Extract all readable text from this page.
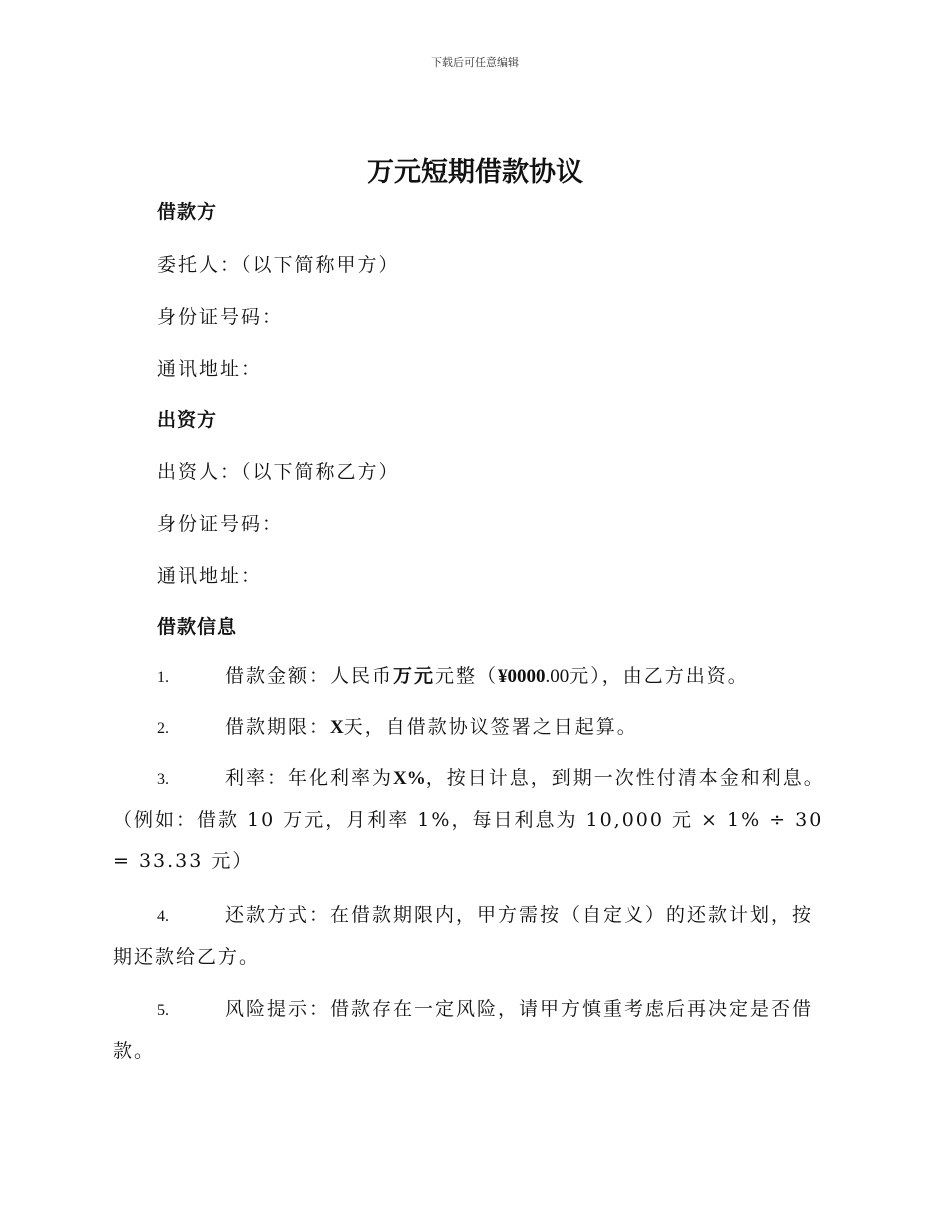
下载后可任意编辑
万元短期借款协议
借款方
委托人：（以下简称甲方）
身份证号码：
通讯地址：
出资方
出资人：（以下简称乙方）
身份证号码：
通讯地址：
借款信息
1.	借款金额：人民币万元元整（¥0000.00元），由乙方出资。
2.	借款期限：X天，自借款协议签署之日起算。
3.	利率：年化利率为X%，按日计息，到期一次性付清本金和利息。（例如：借款 10 万元，月利率 1%，每日利息为 10,000 元 × 1% ÷ 30 = 33.33 元）
4.	还款方式：在借款期限内，甲方需按（自定义）的还款计划，按期还款给乙方。
5.	风险提示：借款存在一定风险，请甲方慎重考虑后再决定是否借款。
